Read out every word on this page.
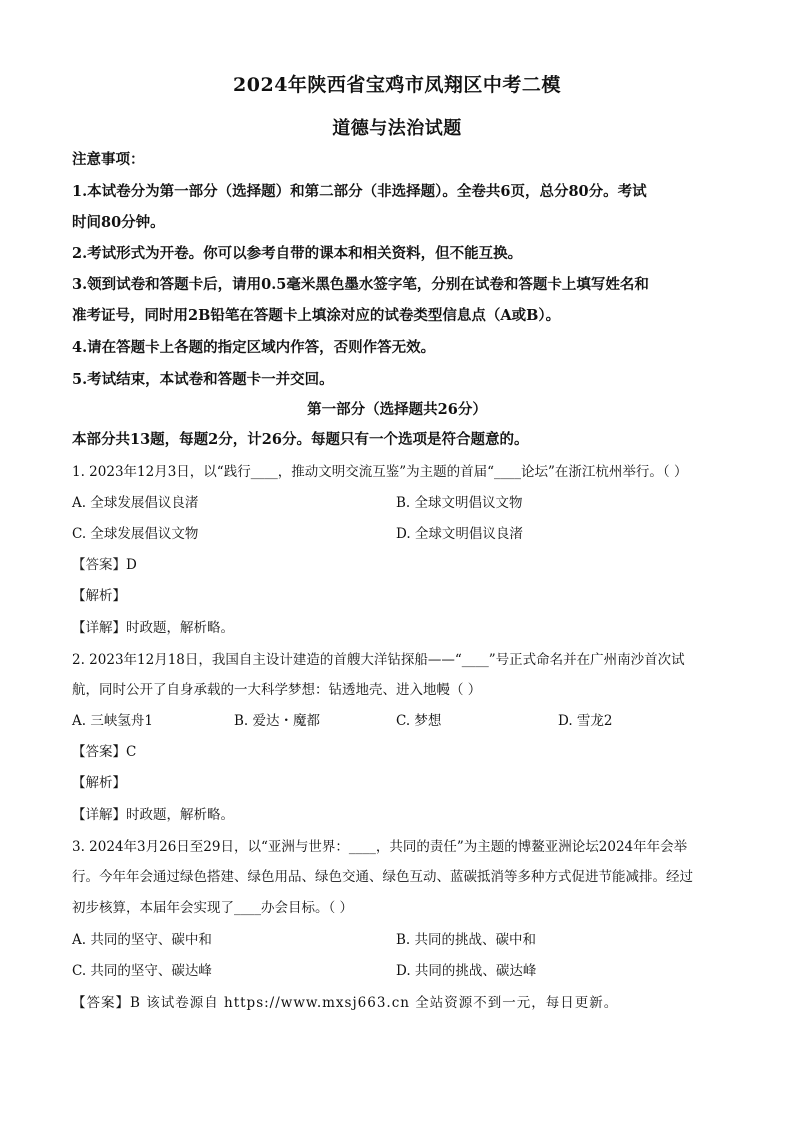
2024年陕西省宝鸡市凤翔区中考二模
道德与法治试题
注意事项：
1.本试卷分为第一部分（选择题）和第二部分（非选择题）。全卷共6页，总分80分。考试
时间80分钟。
2.考试形式为开卷。你可以参考自带的课本和相关资料，但不能互换。
3.领到试卷和答题卡后，请用0.5毫米黑色墨水签字笔，分别在试卷和答题卡上填写姓名和
准考证号，同时用2B铅笔在答题卡上填涂对应的试卷类型信息点（A或B）。
4.请在答题卡上各题的指定区域内作答，否则作答无效。
5.考试结束，本试卷和答题卡一并交回。
第一部分（选择题共26分）
本部分共13题，每题2分，计26分。每题只有一个选项是符合题意的。
1. 2023年12月3日，以“践行____，推动文明交流互鉴”为主题的首届“____论坛”在浙江杭州举行。（ ）
A. 全球发展倡议良渚	B. 全球文明倡议文物
C. 全球发展倡议文物	D. 全球文明倡议良渚
【答案】D
【解析】
【详解】时政题，解析略。
2. 2023年12月18日，我国自主设计建造的首艘大洋钻探船——“____”号正式命名并在广州南沙首次试
航，同时公开了自身承载的一大科学梦想：钻透地壳、进入地幔（ ）
A. 三峡氢舟1	B. 爱达・魔都	C. 梦想	D. 雪龙2
【答案】C
【解析】
【详解】时政题，解析略。
3. 2024年3月26日至29日，以“亚洲与世界：____，共同的责任”为主题的博鳌亚洲论坛2024年年会举
行。今年年会通过绿色搭建、绿色用品、绿色交通、绿色互动、蓝碳抵消等多种方式促进节能减排。经过
初步核算，本届年会实现了____办会目标。（ ）
A. 共同的坚守、碳中和	B. 共同的挑战、碳中和
C. 共同的坚守、碳达峰	D. 共同的挑战、碳达峰
【答案】B 该试卷源自 https://www.mxsj663.cn 全站资源不到一元，每日更新。
